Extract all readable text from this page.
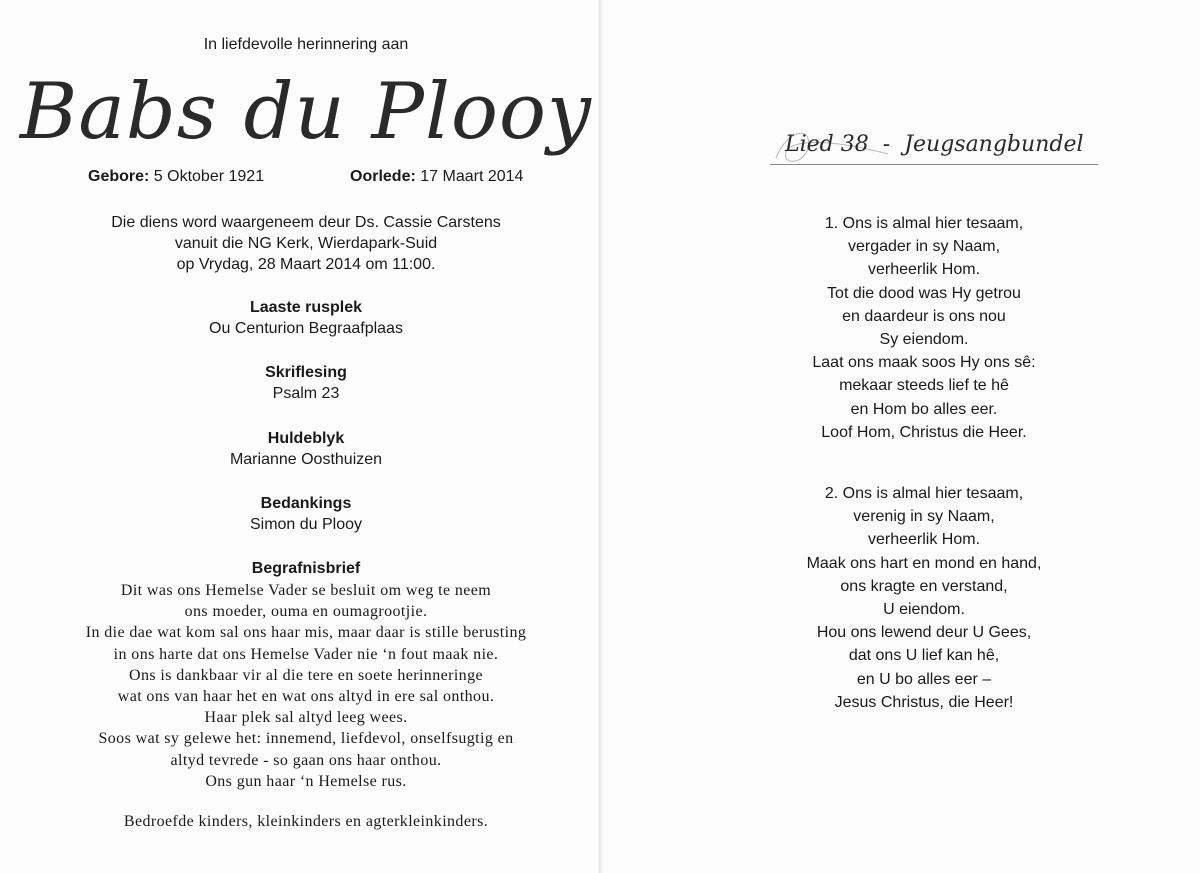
In liefdevolle herinnering aan
Babs du Plooy
Gebore: 5 Oktober 1921	Oorlede: 17 Maart 2014
Die diens word waargeneem deur Ds. Cassie Carstens
vanuit die NG Kerk, Wierdapark-Suid
op Vrydag, 28 Maart 2014 om 11:00.
Laaste rusplek
Ou Centurion Begraafplaas
Skriflesing
Psalm 23
Huldeblyk
Marianne Oosthuizen
Bedankings
Simon du Plooy
Begrafnisbrief
Dit was ons Hemelse Vader se besluit om weg te neem
ons moeder, ouma en oumagrootjie.
In die dae wat kom sal ons haar mis, maar daar is stille berusting
in ons harte dat ons Hemelse Vader nie ‘n fout maak nie.
Ons is dankbaar vir al die tere en soete herinneringe
wat ons van haar het en wat ons altyd in ere sal onthou.
Haar plek sal altyd leeg wees.
Soos wat sy gelewe het: innemend, liefdevol, onselfsugtig en
altyd tevrede - so gaan ons haar onthou.
Ons gun haar ‘n Hemelse rus.
Bedroefde kinders, kleinkinders en agterkleinkinders.
Lied 38 - Jeugsangbundel
1. Ons is almal hier tesaam,
vergader in sy Naam,
verheerlik Hom.
Tot die dood was Hy getrou
en daardeur is ons nou
Sy eiendom.
Laat ons maak soos Hy ons sê:
mekaar steeds lief te hê
en Hom bo alles eer.
Loof Hom, Christus die Heer.
2. Ons is almal hier tesaam,
verenig in sy Naam,
verheerlik Hom.
Maak ons hart en mond en hand,
ons kragte en verstand,
U eiendom.
Hou ons lewend deur U Gees,
dat ons U lief kan hê,
en U bo alles eer –
Jesus Christus, die Heer!
